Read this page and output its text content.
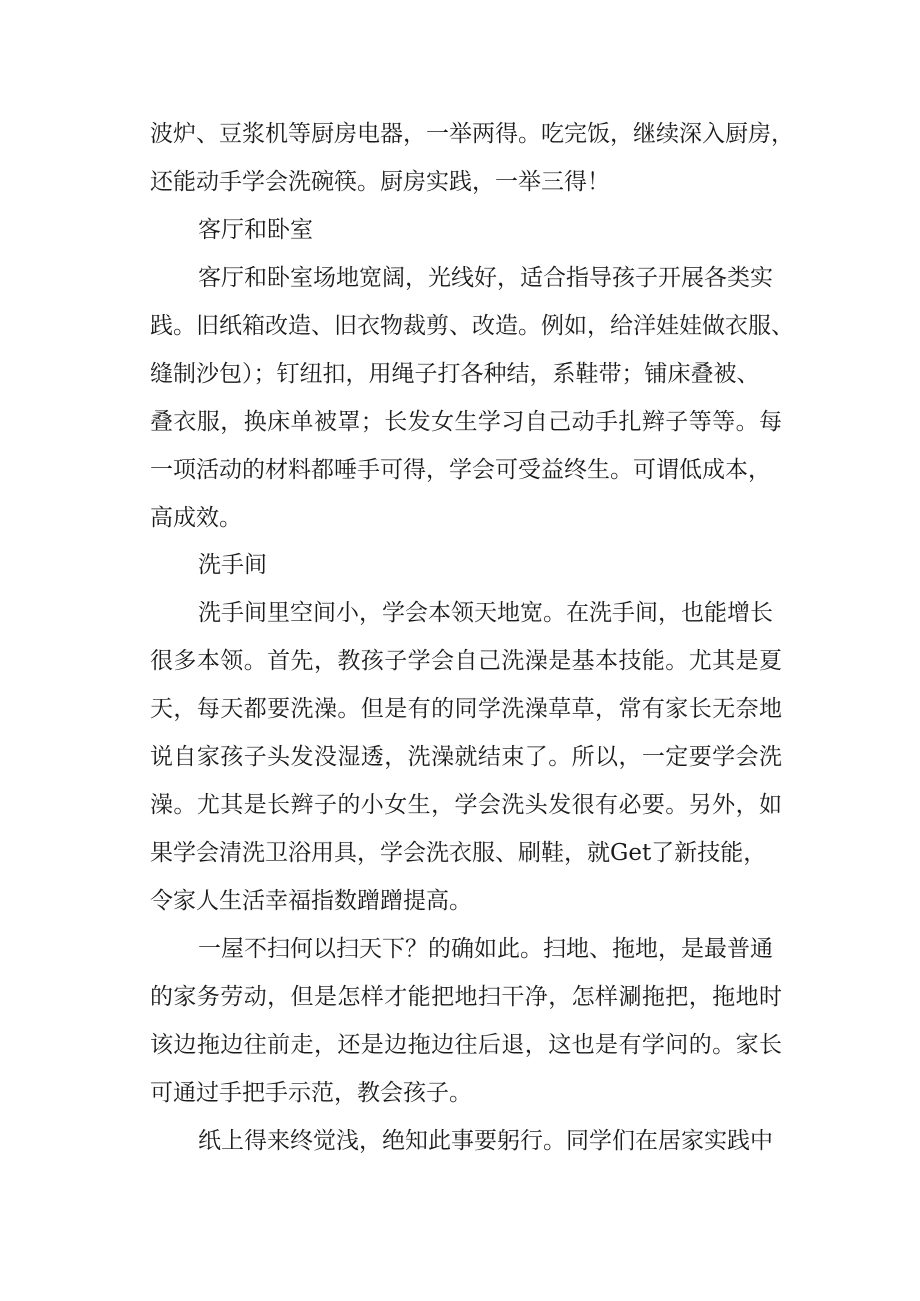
波炉、豆浆机等厨房电器，一举两得。吃完饭，继续深入厨房，
还能动手学会洗碗筷。厨房实践，一举三得！
客厅和卧室
客厅和卧室场地宽阔，光线好，适合指导孩子开展各类实
践。旧纸箱改造、旧衣物裁剪、改造。例如，给洋娃娃做衣服、
缝制沙包）；钉纽扣，用绳子打各种结，系鞋带；铺床叠被、
叠衣服，换床单被罩；长发女生学习自己动手扎辫子等等。每
一项活动的材料都唾手可得，学会可受益终生。可谓低成本，
高成效。
洗手间
洗手间里空间小，学会本领天地宽。在洗手间，也能增长
很多本领。首先，教孩子学会自己洗澡是基本技能。尤其是夏
天，每天都要洗澡。但是有的同学洗澡草草，常有家长无奈地
说自家孩子头发没湿透，洗澡就结束了。所以，一定要学会洗
澡。尤其是长辫子的小女生，学会洗头发很有必要。另外，如
果学会清洗卫浴用具，学会洗衣服、刷鞋，就Get了新技能，
令家人生活幸福指数蹭蹭提高。
一屋不扫何以扫天下？的确如此。扫地、拖地，是最普通
的家务劳动，但是怎样才能把地扫干净，怎样涮拖把，拖地时
该边拖边往前走，还是边拖边往后退，这也是有学问的。家长
可通过手把手示范，教会孩子。
纸上得来终觉浅，绝知此事要躬行。同学们在居家实践中
